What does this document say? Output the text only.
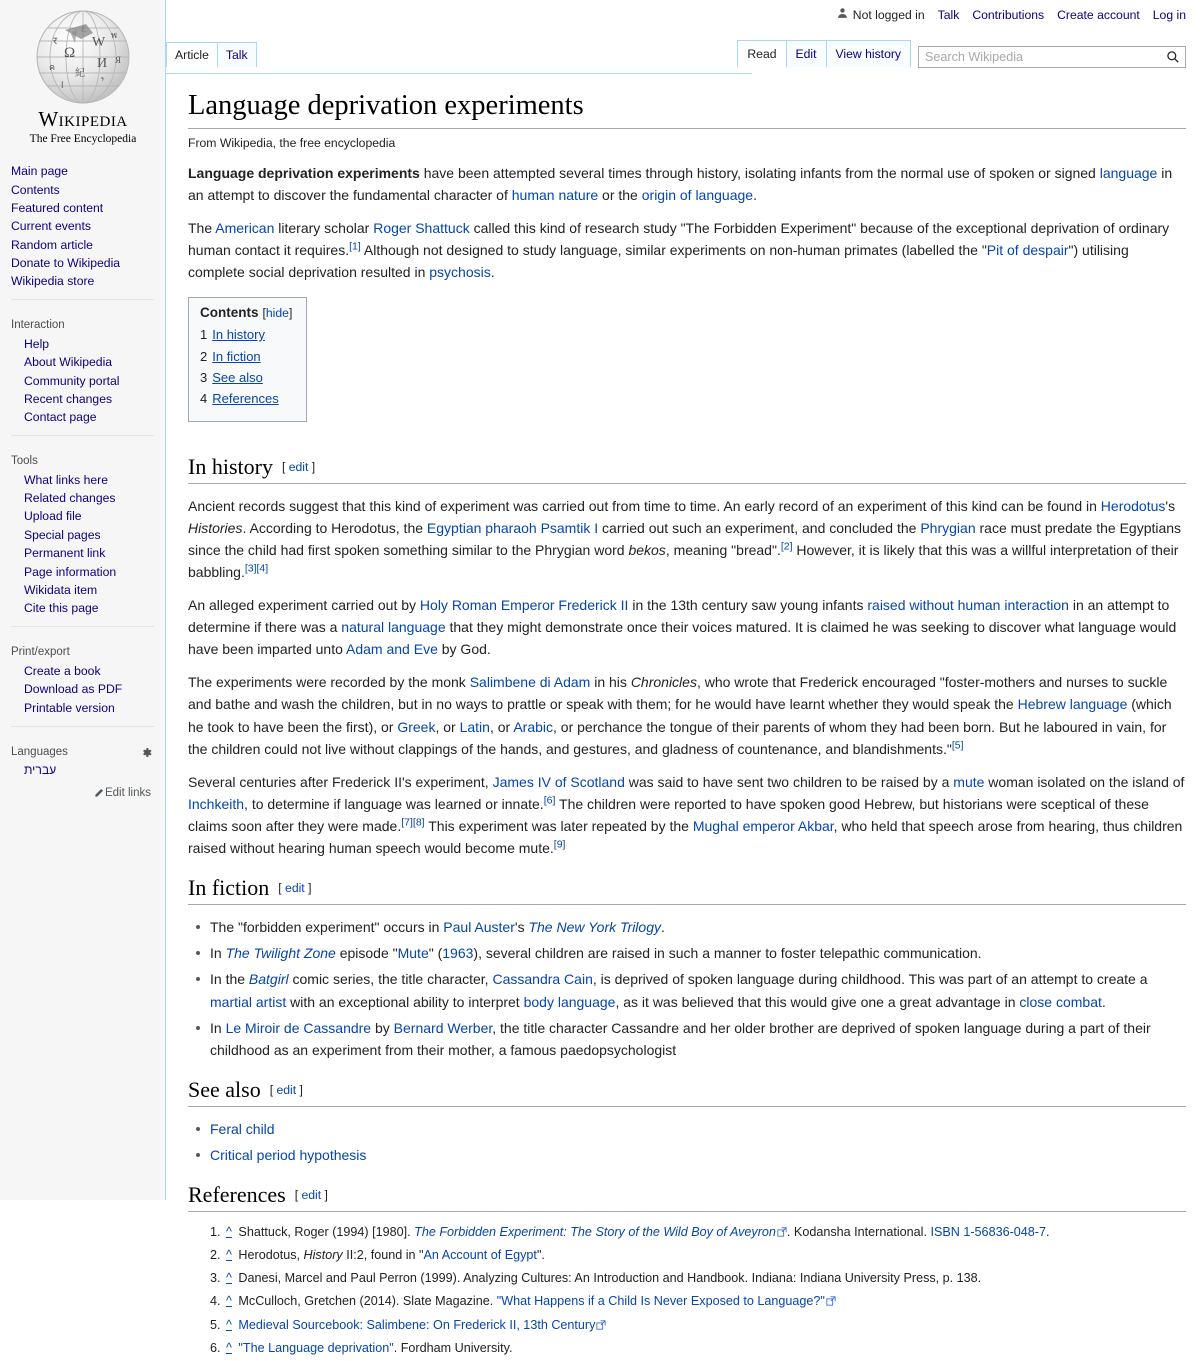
Ω
W
И
紀 י
र
พ
ค
ا
Я
WIKIPEDIA
The Free Encyclopedia
Main page
Contents
Featured content
Current events
Random article
Donate to Wikipedia
Wikipedia store
Interaction
Help
About Wikipedia
Community portal
Recent changes
Contact page
Tools
What links here
Related changes
Upload file
Special pages
Permanent link
Page information
Wikidata item
Cite this page
Print/export
Create a book
Download as PDF
Printable version
Languages
עברית
Edit links
Not logged in Talk Contributions Create account Log in
Article	Talk	Read	Edit	View history
Search Wikipedia
Language deprivation experiments
From Wikipedia, the free encyclopedia

Language deprivation experiments have been attempted several times through history, isolating infants from the normal use of spoken or signed language in an attempt to discover the fundamental character of human nature or the origin of language.

The American literary scholar Roger Shattuck called this kind of research study "The Forbidden Experiment" because of the exceptional deprivation of ordinary human contact it requires.[1] Although not designed to study language, similar experiments on non-human primates (labelled the "Pit of despair") utilising complete social deprivation resulted in psychosis.

Contents [hide]
1 In history
2 In fiction
3 See also
4 References
In history [ edit ]

Ancient records suggest that this kind of experiment was carried out from time to time. An early record of an experiment of this kind can be found in Herodotus's Histories. According to Herodotus, the Egyptian pharaoh Psamtik I carried out such an experiment, and concluded the Phrygian race must predate the Egyptians since the child had first spoken something similar to the Phrygian word bekos, meaning "bread".[2] However, it is likely that this was a willful interpretation of their babbling.[3][4]

An alleged experiment carried out by Holy Roman Emperor Frederick II in the 13th century saw young infants raised without human interaction in an attempt to determine if there was a natural language that they might demonstrate once their voices matured. It is claimed he was seeking to discover what language would have been imparted unto Adam and Eve by God.

The experiments were recorded by the monk Salimbene di Adam in his Chronicles, who wrote that Frederick encouraged "foster-mothers and nurses to suckle and bathe and wash the children, but in no ways to prattle or speak with them; for he would have learnt whether they would speak the Hebrew language (which he took to have been the first), or Greek, or Latin, or Arabic, or perchance the tongue of their parents of whom they had been born. But he laboured in vain, for the children could not live without clappings of the hands, and gestures, and gladness of countenance, and blandishments."[5]

Several centuries after Frederick II's experiment, James IV of Scotland was said to have sent two children to be raised by a mute woman isolated on the island of Inchkeith, to determine if language was learned or innate.[6] The children were reported to have spoken good Hebrew, but historians were sceptical of these claims soon after they were made.[7][8] This experiment was later repeated by the Mughal emperor Akbar, who held that speech arose from hearing, thus children raised without hearing human speech would become mute.[9]

In fiction [ edit ]
The "forbidden experiment" occurs in Paul Auster's The New York Trilogy.
In The Twilight Zone episode "Mute" (1963), several children are raised in such a manner to foster telepathic communication.
In the Batgirl comic series, the title character, Cassandra Cain, is deprived of spoken language during childhood. This was part of an attempt to create a martial artist with an exceptional ability to interpret body language, as it was believed that this would give one a great advantage in close combat.
In Le Miroir de Cassandre by Bernard Werber, the title character Cassandre and her older brother are deprived of spoken language during a part of their childhood as an experiment from their mother, a famous paedopsychologist
See also [ edit ]
Feral child
Critical period hypothesis
References [ edit ]
1. ^ Shattuck, Roger (1994) [1980]. The Forbidden Experiment: The Story of the Wild Boy of Aveyron . Kodansha International. ISBN 1-56836-048-7.
2. ^ Herodotus, History II:2, found in "An Account of Egypt".
3. ^ Danesi, Marcel and Paul Perron (1999). Analyzing Cultures: An Introduction and Handbook. Indiana: Indiana University Press, p. 138.
4. ^ McCulloch, Gretchen (2014). Slate Magazine. "What Happens if a Child Is Never Exposed to Language?"
5. ^ Medieval Sourcebook: Salimbene: On Frederick II, 13th Century
6. ^ "The Language deprivation". Fordham University.
